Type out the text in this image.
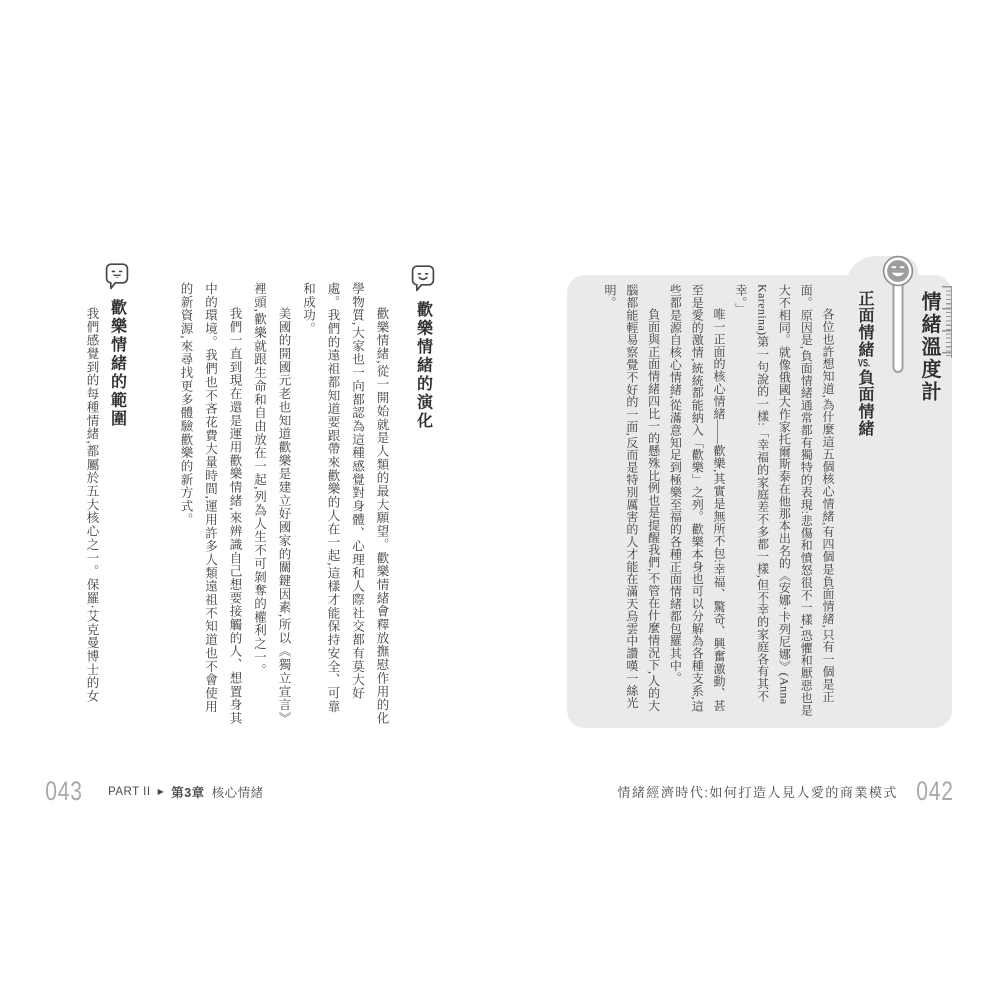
情緒溫度計
正面情緒VS.負面情緒

各位也許想知道,為什麼這五個核心情緒,有四個是負面情緒,只有一個是正面。原因是,負面情緒通常都有獨特的表現:悲傷和憤怒很不一樣,恐懼和厭惡也是大不相同。就像俄國大作家托爾斯泰在他那本出名的《安娜‧卡列尼娜》(Anna Karenina)第一句說的一樣:「幸福的家庭差不多都一樣,但不幸的家庭各有其不幸。」

唯一正面的核心情緒——歡樂,其實是無所不包:幸福、驚奇、興奮激動、甚至是愛的激情,統統都能納入「歡樂」之列。歡樂本身也可以分解為各種支系,這些都是源自核心情緒,從滿意知足到極樂至福的各種正面情緒都包羅其中。

負面與正面情緒四比一的懸殊比例也是提醒我們,不管在什麼情況下,人的大腦都能輕易察覺不好的一面,反而是特別厲害的人才能在滿天烏雲中讚嘆一絲光明。

歡樂情緒的演化

歡樂情緒,從一開始就是人類的最大願望。歡樂情緒會釋放撫慰作用的化學物質,大家也一向都認為這種感覺對身體、心理和人際社交都有莫大好處。我們的遠祖都知道要跟帶來歡樂的人在一起,這樣才能保持安全、可靠和成功。

美國的開國元老也知道歡樂是建立好國家的關鍵因素,所以《獨立宣言》裡頭,歡樂就跟生命和自由放在一起,列為人生不可剝奪的權利之一。

我們一直到現在還是運用歡樂情緒,來辨識自己想要接觸的人、想置身其中的環境。我們也不吝花費大量時間,運用許多人類遠祖不知道也不會使用的新資源,來尋找更多體驗歡樂的新方式。

歡樂情緒的範圍

我們感覺到的每種情緒,都屬於五大核心之一。保羅‧艾克曼博士的女

043 PART II ▶ 第3章 核心情緒	情緒經濟時代:如何打造人見人愛的商業模式 042
